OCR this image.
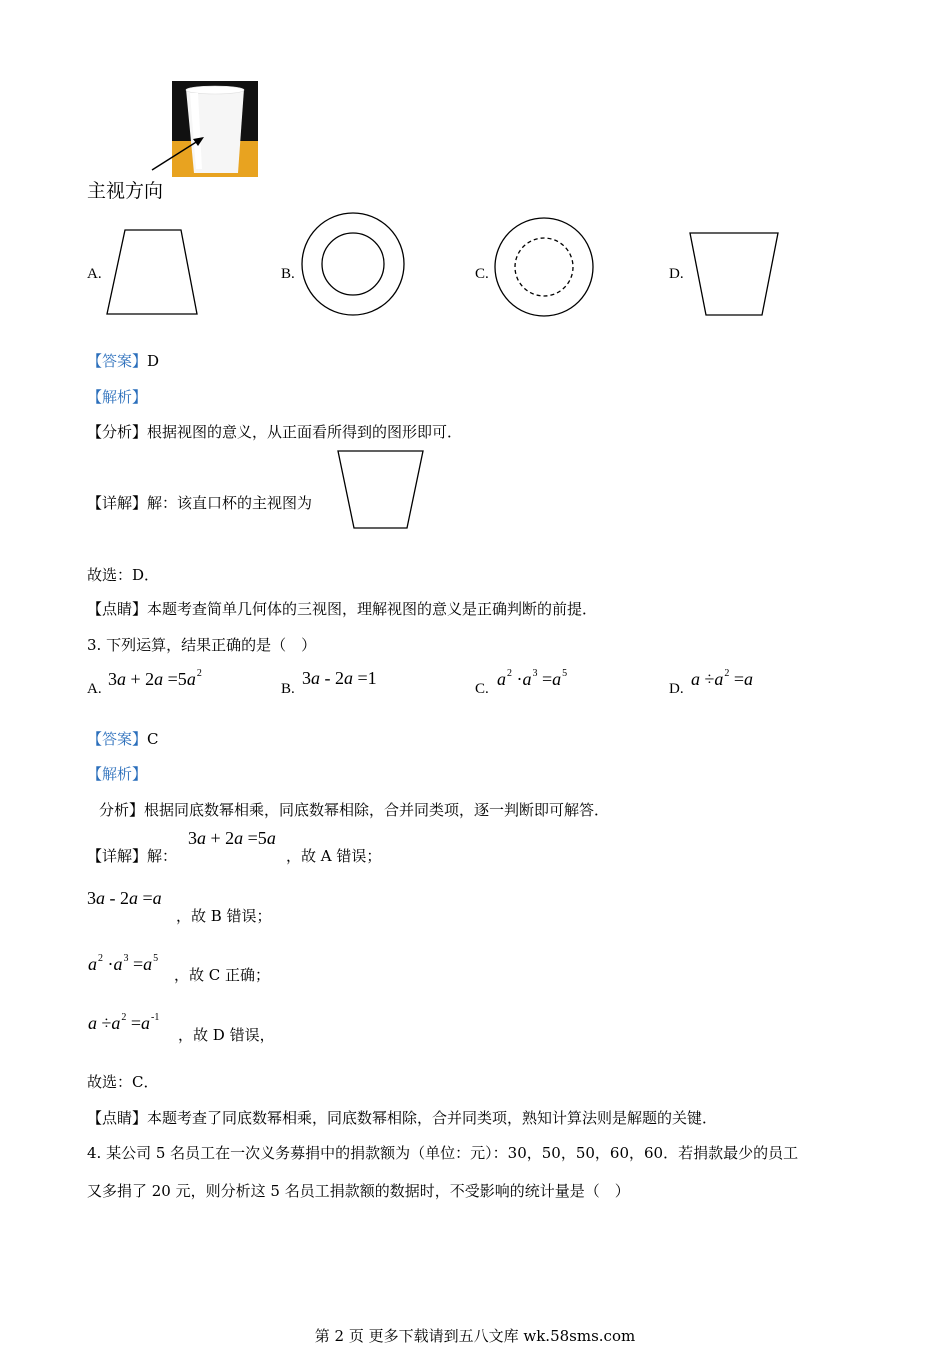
主视方向
A.	B.	C.	D.
【答案】D
【解析】
【分析】根据视图的意义，从正面看所得到的图形即可．
【详解】解：该直口杯的主视图为
故选：D．
【点睛】本题考查简单几何体的三视图，理解视图的意义是正确判断的前提．
3. 下列运算，结果正确的是（　）
A. $3a + 2a =5a^2$
B.
3a - 2a =1
C. $a^2 \cdot a^3 =a^5$
D. $a \div a^2 =a$
【答案】C
【解析】
分析】根据同底数幂相乘，同底数幂相除，合并同类项，逐一判断即可解答．
【详解】解：
3a + 2a =5a
，故 A 错误；
3a - 2a =a
，故 B 错误；
$a^2 \cdot a^3 =a^5$
，故 C 正确；
$a \div a^2 =a^{-1}$
，故 D 错误，
故选：C．
【点睛】本题考查了同底数幂相乘，同底数幂相除，合并同类项，熟知计算法则是解题的关键．
4. 某公司 5 名员工在一次义务募捐中的捐款额为（单位：元）：30，50，50，60，60．若捐款最少的员工
又多捐了 20 元，则分析这 5 名员工捐款额的数据时，不受影响的统计量是（　）
第 2 页 更多下载请到五八文库 wk.58sms.com
